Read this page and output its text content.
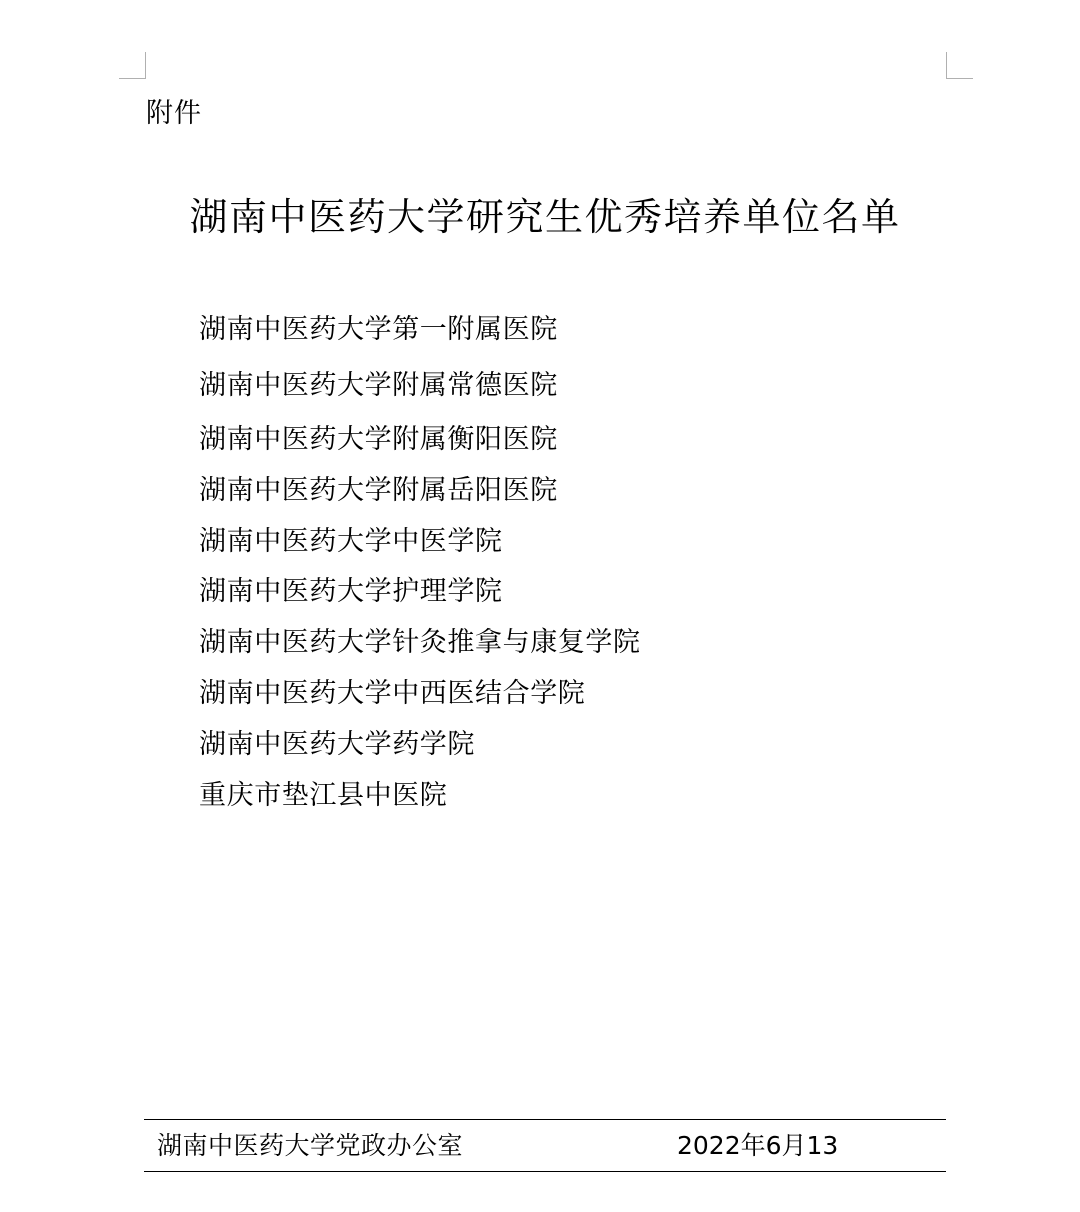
附件
湖南中医药大学研究生优秀培养单位名单
湖南中医药大学第一附属医院
湖南中医药大学附属常德医院
湖南中医药大学附属衡阳医院
湖南中医药大学附属岳阳医院
湖南中医药大学中医学院
湖南中医药大学护理学院
湖南中医药大学针灸推拿与康复学院
湖南中医药大学中西医结合学院
湖南中医药大学药学院
重庆市垫江县中医院
湖南中医药大学党政办公室	2022年6月13
